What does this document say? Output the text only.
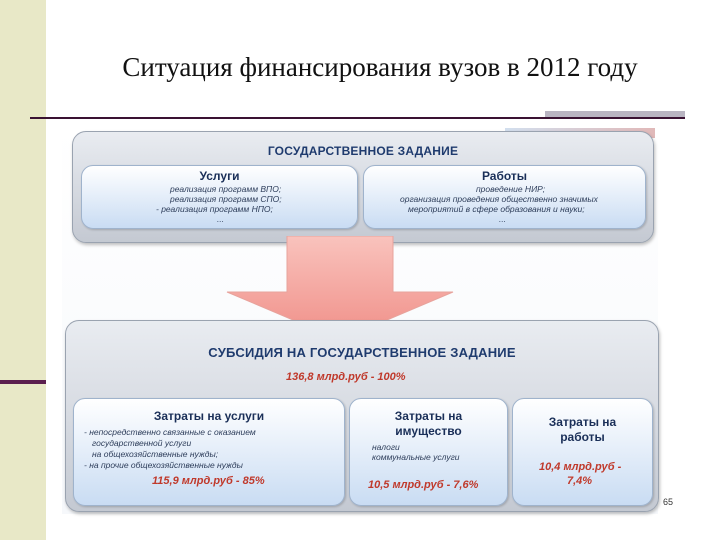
Ситуация финансирования вузов в 2012 году
ГОСУДАРСТВЕННОЕ ЗАДАНИЕ
Услуги
реализация программ ВПО;
реализация программ СПО;
- реализация программ НПО;
...
Работы
проведение НИР;
организация проведения общественно значимых
мероприятий в сфере образования и науки;
...
СУБСИДИЯ НА ГОСУДАРСТВЕННОЕ ЗАДАНИЕ
136,8 млрд.руб - 100%
Затраты на услуги
- непосредственно связанные с оказанием
государственной услуги
на общехозяйственные нужды;
- на прочие общехозяйственные нужды
115,9 млрд.руб - 85%
Затраты на
имущество
налоги
коммунальные услуги
10,5 млрд.руб - 7,6%
Затраты на
работы
10,4 млрд.руб -
7,4%
65
